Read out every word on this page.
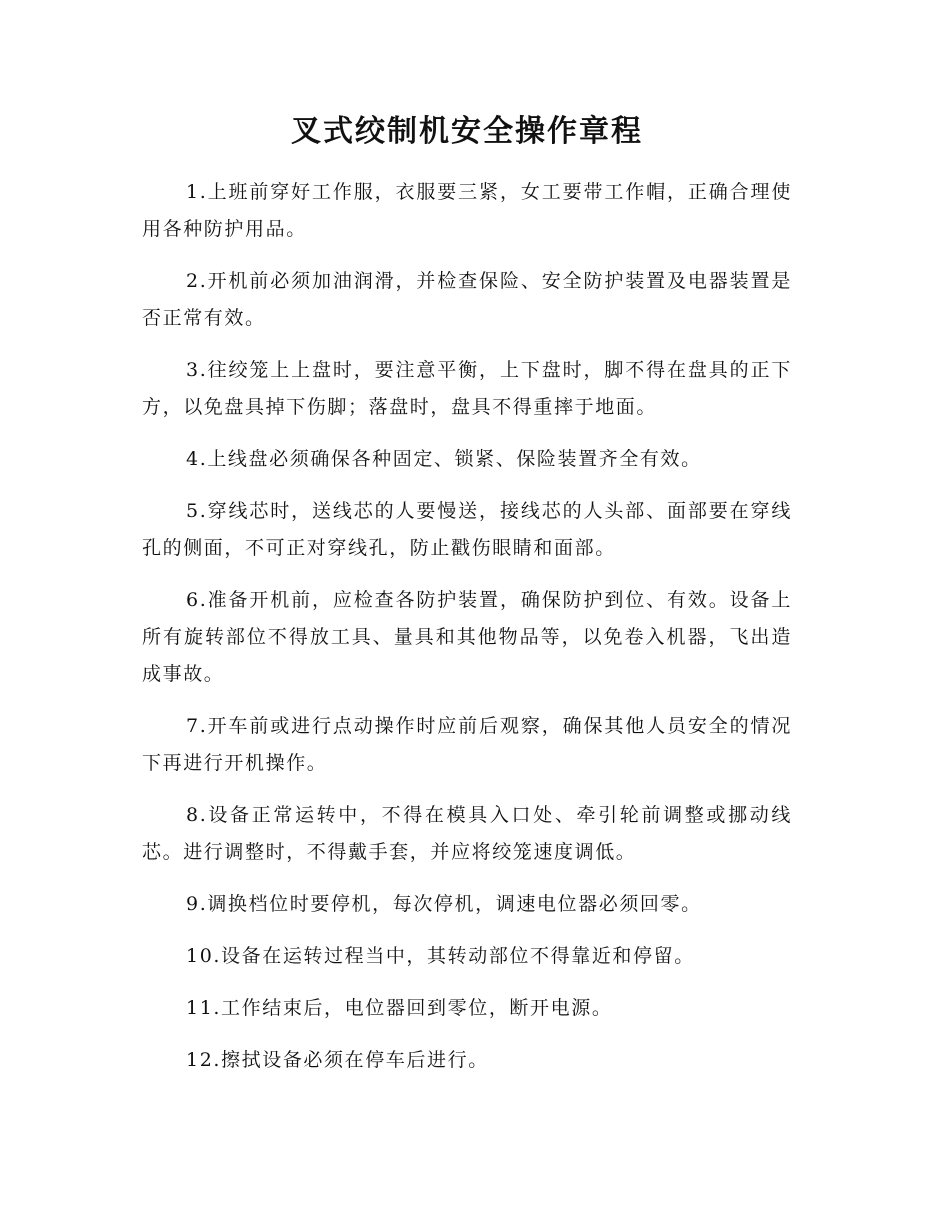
叉式绞制机安全操作章程

1.上班前穿好工作服，衣服要三紧，女工要带工作帽，正确合理使用各种防护用品。

2.开机前必须加油润滑，并检查保险、安全防护装置及电器装置是否正常有效。

3.往绞笼上上盘时，要注意平衡，上下盘时，脚不得在盘具的正下方，以免盘具掉下伤脚；落盘时，盘具不得重摔于地面。

4.上线盘必须确保各种固定、锁紧、保险装置齐全有效。

5.穿线芯时，送线芯的人要慢送，接线芯的人头部、面部要在穿线孔的侧面，不可正对穿线孔，防止戳伤眼睛和面部。

6.准备开机前，应检查各防护装置，确保防护到位、有效。设备上所有旋转部位不得放工具、量具和其他物品等，以免卷入机器，飞出造成事故。

7.开车前或进行点动操作时应前后观察，确保其他人员安全的情况下再进行开机操作。

8.设备正常运转中，不得在模具入口处、牵引轮前调整或挪动线芯。进行调整时，不得戴手套，并应将绞笼速度调低。

9.调换档位时要停机，每次停机，调速电位器必须回零。

10.设备在运转过程当中，其转动部位不得靠近和停留。

11.工作结束后，电位器回到零位，断开电源。

12.擦拭设备必须在停车后进行。
